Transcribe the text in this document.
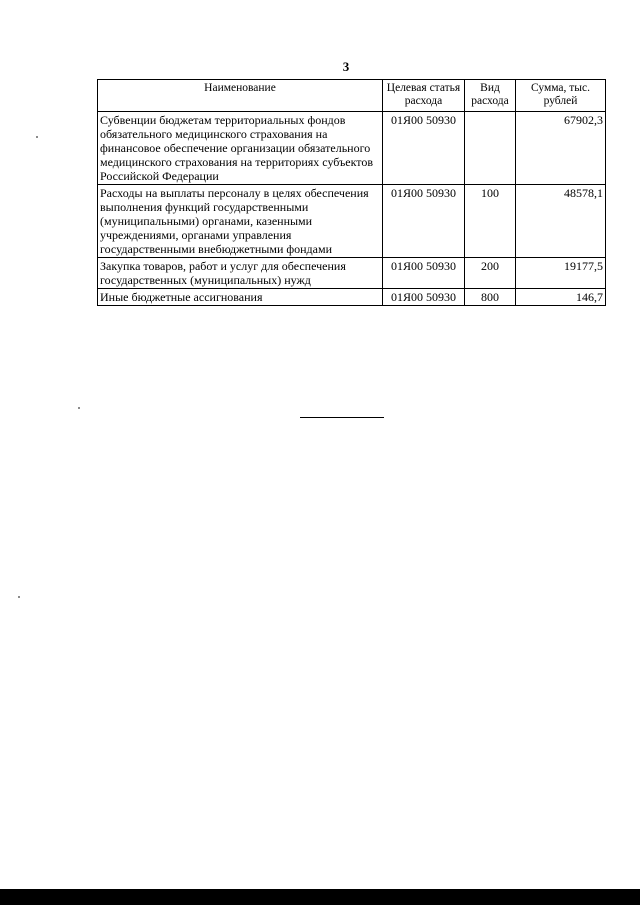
3
Наименование	Целевая статья расхода	Вид расхода	Сумма, тыс. рублей
Субвенции бюджетам территориальных фондов обязательного медицинского страхования на финансовое обеспечение организации обязательного медицинского страхования на территориях субъектов Российской Федерации	01Я00 50930		67902,3
Расходы на выплаты персоналу в целях обеспечения выполнения функций государственными (муниципальными) органами, казенными учреждениями, органами управления государственными внебюджетными фондами	01Я00 50930	100	48578,1
Закупка товаров, работ и услуг для обеспечения государственных (муниципальных) нужд	01Я00 50930	200	19177,5
Иные бюджетные ассигнования	01Я00 50930	800	146,7
